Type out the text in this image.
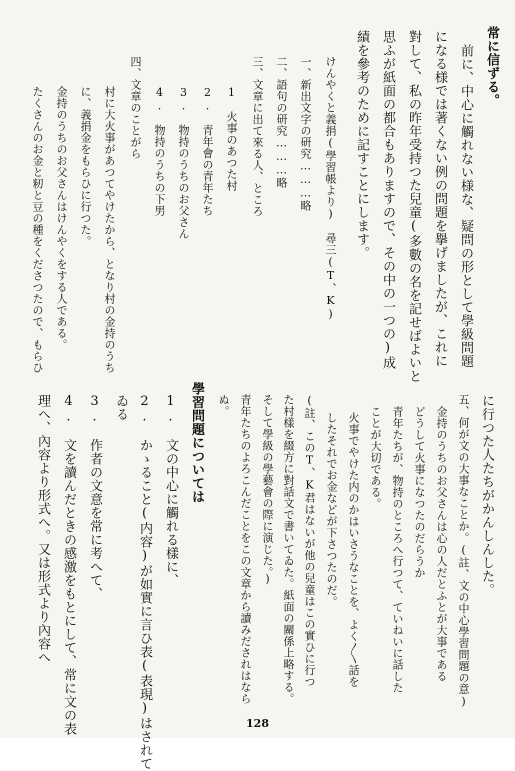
常に信ずる。
前に、中心に觸れない様な、疑問の形として學級問題
になる様では著くない例の問題を擧げましたが、これに
對して、私の昨年受持つた兒童(多數の名を記せばよいと
思ふが紙面の都合もありますので、その中の一つの)成
績を參考のために記すことにします。
けんやくと義捐(學習帳より)　尋三(T、K)
一、新出文字の研究………略
二、語句の研究………略
三、文章に出て來る人、ところ
1　火事のあつた村
2.　青年會の青年たち
3.　物持のうちのお父さん
4.　物持のうちの下男
四、文章のことがら
村に大火事があつてやけたから、となり村の金持のうち
に、義捐金をもらひに行つた。
金持のうちのお父さんはけんやくをする人である。
たくさんのお金と籾と豆の種をくださつたので、もらひ
に行つた人たちがかんしんした。
五、何が文の大事なことか。(註、文の中心學習問題の意)
金持のうちのお父さんは心の人だとふとが大事である
どうして火事になつたのだらうか
青年たちが、物持のところへ行つて、ていねいに話した
ことが大切である。
火事でやけた内のかはいさうなことを、よく〳〵話を
したそれでお金などが下さつたのだ。
(註、このT、K君はないが他の兒童はこの實ひに行つ
た村樣を綴方に對話文で書いてゐた。紙面の關係上略する。
そして學級の學藝會の際に演じた。)
青年たちのよろこんだことをこの文章から讀みだされはなら
ぬ。
學習問題については
1.　文の中心に觸れる樣に、
2.　かゝること(内容)が如實に言ひ表(表現)はされて
ゐる
3.　作者の文意を常に考へて、
4.　文を讀んだときの感激をもとにして、常に文の表
理へ、內容より形式へ。又は形式より內容へ
128
